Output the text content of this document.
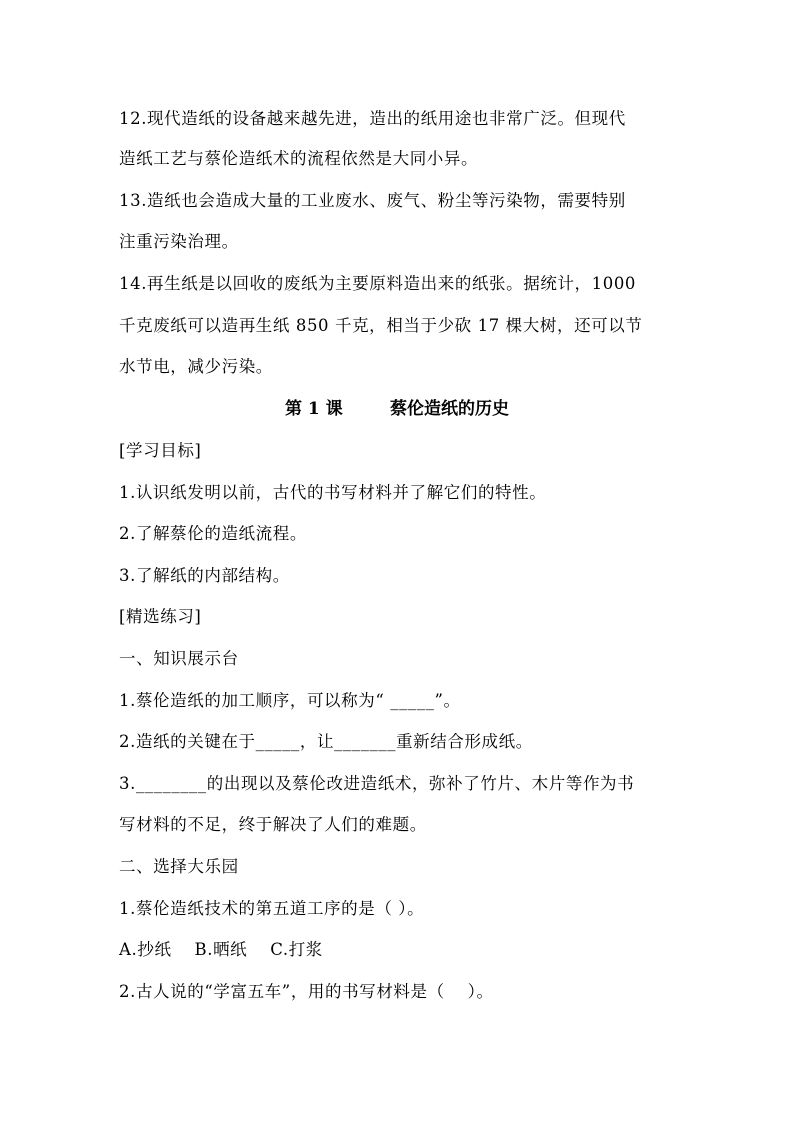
12.现代造纸的设备越来越先进，造出的纸用途也非常广泛。但现代
造纸工艺与蔡伦造纸术的流程依然是大同小异。
13.造纸也会造成大量的工业废水、废气、粉尘等污染物，需要特别
注重污染治理。
14.再生纸是以回收的废纸为主要原料造出来的纸张。据统计，1000
千克废纸可以造再生纸 850 千克，相当于少砍 17 棵大树，还可以节
水节电，减少污染。
第 1 课	蔡伦造纸的历史
[学习目标]
1.认识纸发明以前，古代的书写材料并了解它们的特性。
2.了解蔡伦的造纸流程。
3.了解纸的内部结构。
[精选练习]
一、知识展示台
1.蔡伦造纸的加工顺序，可以称为“ _____”。
2.造纸的关键在于_____，让_______重新结合形成纸。
3.________的出现以及蔡伦改进造纸术，弥补了竹片、木片等作为书
写材料的不足，终于解决了人们的难题。
二、选择大乐园
1.蔡伦造纸技术的第五道工序的是（ ）。
A.抄纸　 B.晒纸　 C.打浆
2.古人说的“学富五车”，用的书写材料是（　 ）。
